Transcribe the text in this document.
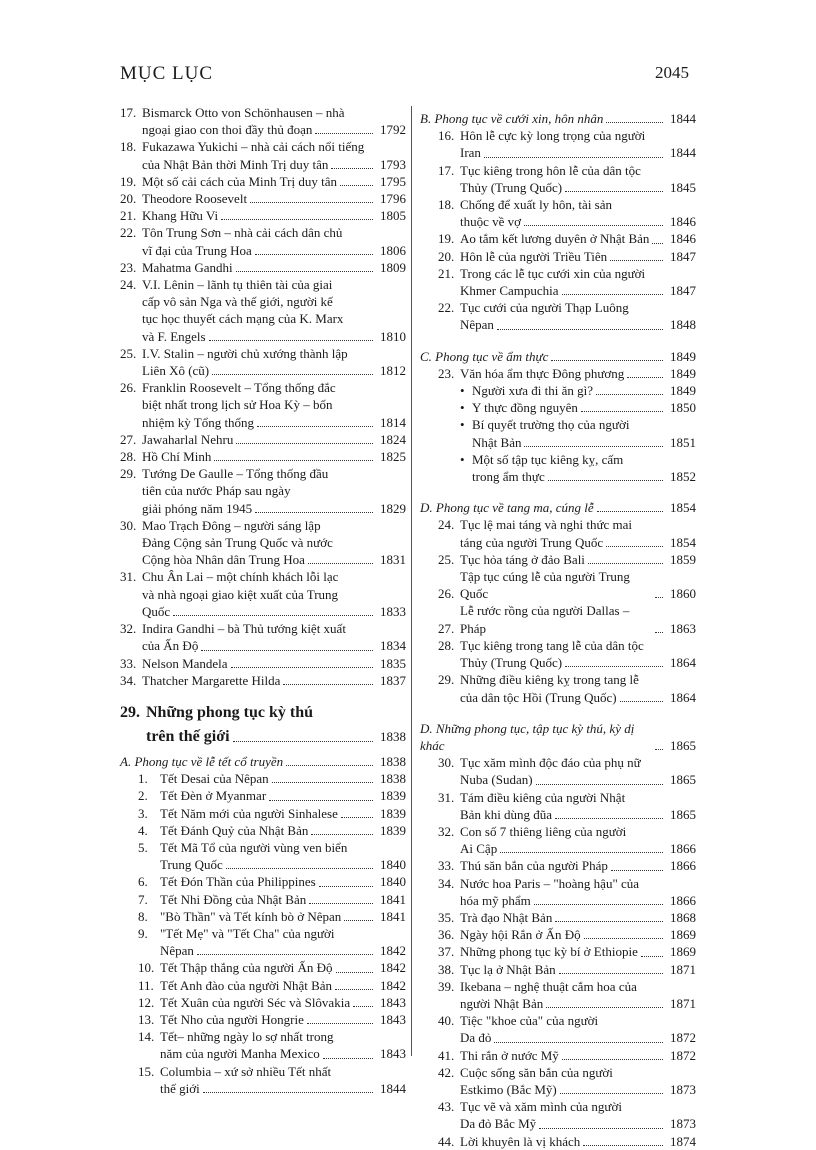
MỤC LỤC	2045
17. Bismarck Otto von Schönhausen – nhà
ngoại giao con thoi đầy thủ đoạn	1792
18. Fukazawa Yukichi – nhà cải cách nổi tiếng
của Nhật Bản thời Minh Trị duy tân	1793
19. Một số cải cách của Minh Trị duy tân	1795
20. Theodore Roosevelt	1796
21. Khang Hữu Vi	1805
22. Tôn Trung Sơn – nhà cải cách dân chủ
vĩ đại của Trung Hoa	1806
23. Mahatma Gandhi	1809
24. V.I. Lênin – lãnh tụ thiên tài của giai
cấp vô sản Nga và thế giới, người kế
tục học thuyết cách mạng của K. Marx
và F. Engels	1810
25. I.V. Stalin – người chủ xướng thành lập
Liên Xô (cũ)	1812
26. Franklin Roosevelt – Tổng thống đắc
biệt nhất trong lịch sử Hoa Kỳ – bốn
nhiệm kỳ Tổng thống	1814
27. Jawaharlal Nehru	1824
28. Hồ Chí Minh	1825
29. Tướng De Gaulle – Tổng thống đầu
tiên của nước Pháp sau ngày
giải phóng năm 1945	1829
30. Mao Trạch Đông – người sáng lập
Đảng Cộng sản Trung Quốc và nước
Cộng hòa Nhân dân Trung Hoa	1831
31. Chu Ân Lai – một chính khách lỗi lạc
và nhà ngoại giao kiệt xuất của Trung
Quốc	1833
32. Indira Gandhi – bà Thủ tướng kiệt xuất
của Ấn Độ	1834
33. Nelson Mandela	1835
34. Thatcher Margarette Hilda	1837
29. Những phong tục kỳ thú
trên thế giới	1838
A. Phong tục về lễ tết cổ truyền	1838
1. Tết Desai của Nêpan	1838
2. Tết Đèn ở Myanmar	1839
3. Tết Năm mới của người Sinhalese	1839
4. Tết Đánh Quỷ của Nhật Bản	1839
5. Tết Mã Tổ của người vùng ven biển
Trung Quốc	1840
6. Tết Đón Thần của Philippines	1840
7. Tết Nhi Đồng của Nhật Bản	1841
8. "Bò Thần" và Tết kính bò ở Nêpan	1841
9. "Tết Mẹ" và "Tết Cha" của người
Nêpan	1842
10. Tết Thập thắng của người Ấn Độ	1842
11. Tết Anh đào của người Nhật Bản	1842
12. Tết Xuân của người Séc và Slôvakia	1843
13. Tết Nho của người Hongrie	1843
14. Tết– những ngày lo sợ nhất trong
năm của người Manha Mexico	1843
15. Columbia – xứ sở nhiều Tết nhất
thế giới	1844
B. Phong tục về cưới xin, hôn nhân	1844
16. Hôn lễ cực kỳ long trọng của người
Iran	1844
17. Tục kiêng trong hôn lễ của dân tộc
Thủy (Trung Quốc)	1845
18. Chống để xuất ly hôn, tài sản
thuộc về vợ	1846
19. Ao tắm kết lương duyên ở Nhật Bản	1846
20. Hôn lễ của người Triều Tiên	1847
21. Trong các lễ tục cưới xin của người
Khmer Campuchia	1847
22. Tục cưới của người Thạp Luông
Nêpan	1848
C. Phong tục về ẩm thực	1849
23. Văn hóa ẩm thực Đông phương	1849
• Người xưa đi thi ăn gì?	1849
• Y thực đồng nguyên	1850
• Bí quyết trường thọ của người
Nhật Bản	1851
• Một số tập tục kiêng kỵ, cấm
trong ẩm thực	1852
D. Phong tục về tang ma, cúng lễ	1854
24. Tục lệ mai táng và nghi thức mai
táng của người Trung Quốc	1854
25. Tục hỏa táng ở đảo Bali	1859
26.
Tập tục cúng lễ của người Trung Quốc	1860
27.
Lễ rước rồng của người Dallas – Pháp	1863
28. Tục kiêng trong tang lễ của dân tộc
Thủy (Trung Quốc)	1864
29. Những điều kiêng kỵ trong tang lễ
của dân tộc Hồi (Trung Quốc)	1864
D. Những phong tục, tập tục kỳ thú, kỳ dị khác	1865
30. Tục xăm mình độc đáo của phụ nữ
Nuba (Sudan)	1865
31. Tám điều kiêng của người Nhật
Bản khi dùng đũa	1865
32. Con số 7 thiêng liêng của người
Ai Cập	1866
33. Thú săn bắn của người Pháp	1866
34. Nước hoa Paris – "hoàng hậu" của
hóa mỹ phẩm	1866
35. Trà đạo Nhật Bản	1868
36. Ngày hội Rắn ở Ấn Độ	1869
37. Những phong tục kỳ bí ở Ethiopie	1869
38. Tục lạ ở Nhật Bản	1871
39. Ikebana – nghệ thuật cắm hoa của
người Nhật Bản	1871
40. Tiệc "khoe của" của người
Da đỏ	1872
41. Thi rắn ở nước Mỹ	1872
42. Cuộc sống săn bắn của người
Estkimo (Bắc Mỹ)	1873
43. Tục vẽ và xăm mình của người
Da đỏ Bắc Mỹ	1873
44. Lời khuyên là vị khách	1874
